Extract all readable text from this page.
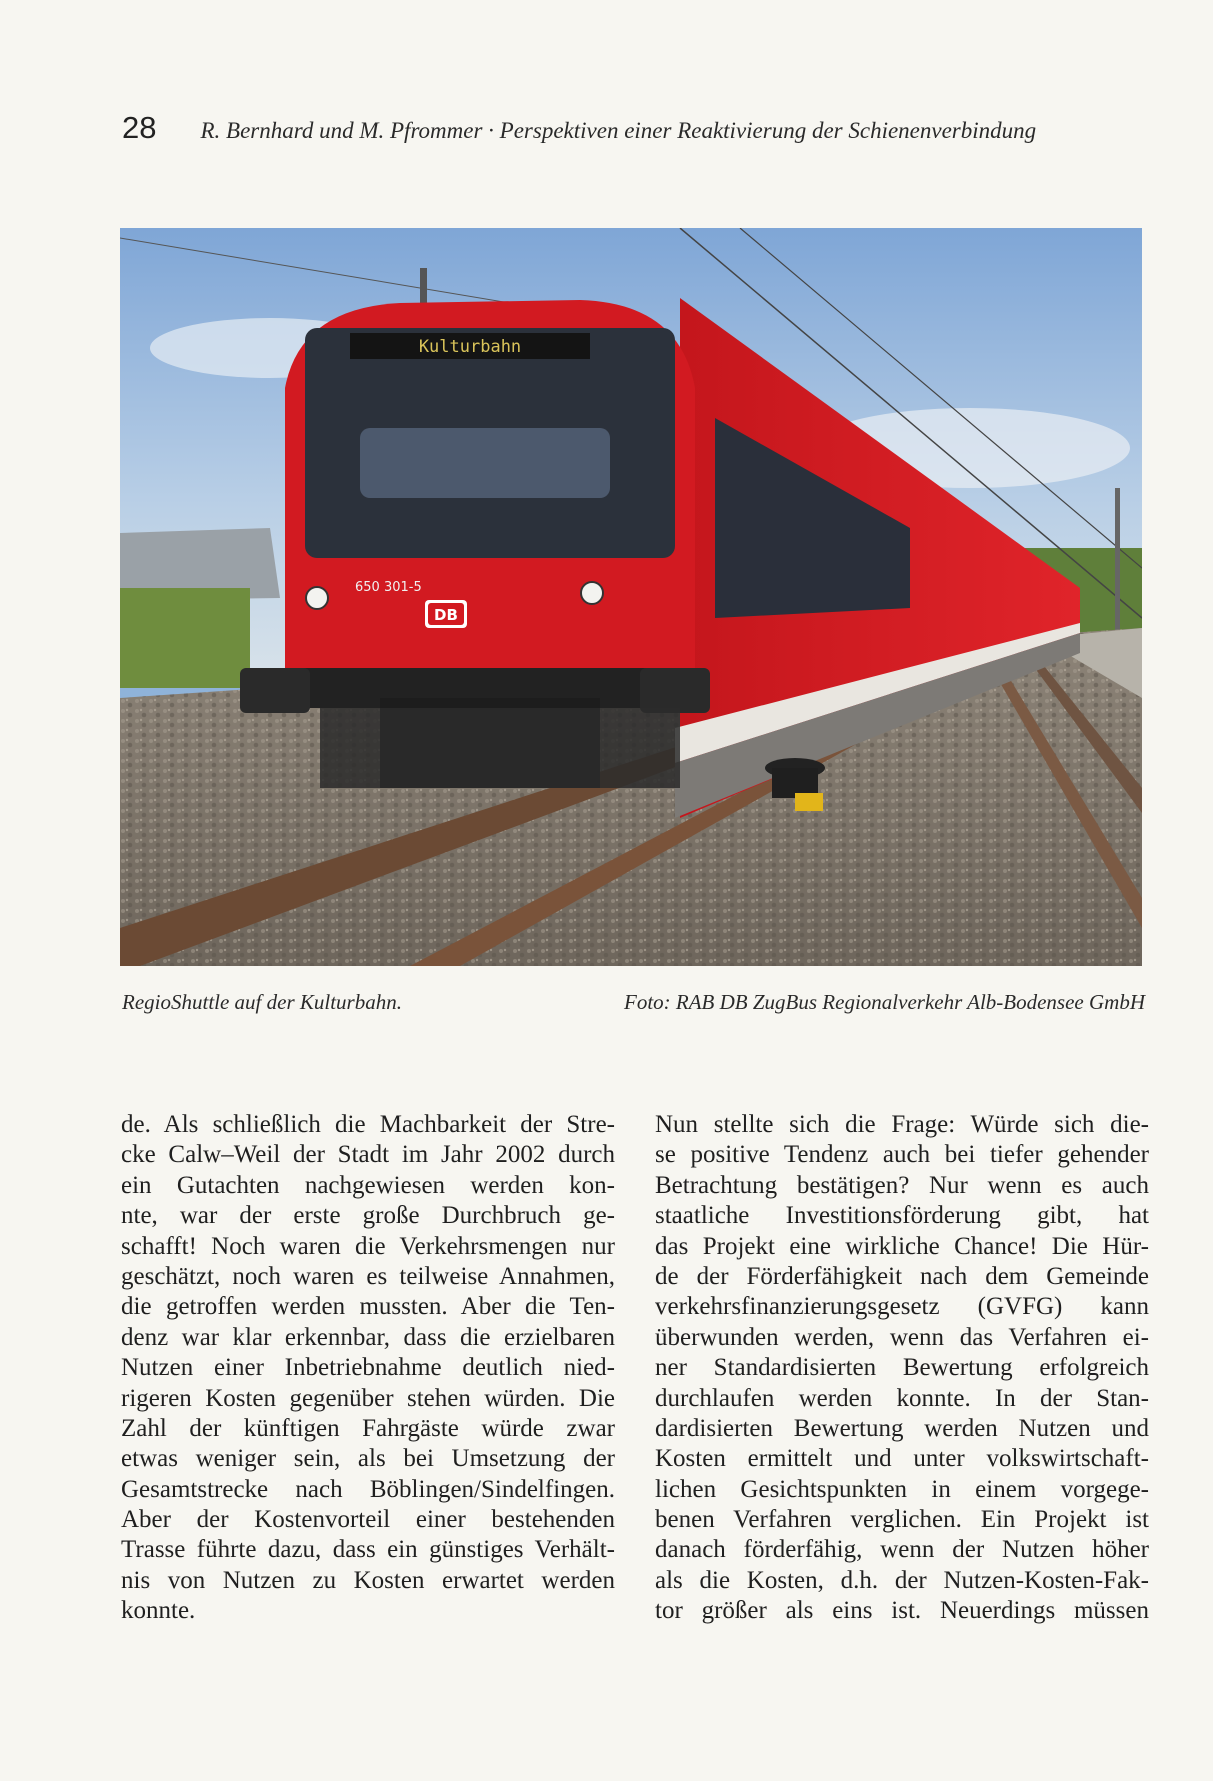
28 R. Bernhard und M. Pfrommer · Perspektiven einer Reaktivierung der Schienenverbindung
Kulturbahn
650 301-5
DB
RegioShuttle auf der Kulturbahn.	Foto: RAB DB ZugBus Regionalverkehr Alb-Bodensee GmbH
de. Als schließlich die Machbarkeit der Stre-
cke Calw–Weil der Stadt im Jahr 2002 durch
ein Gutachten nachgewiesen werden kon-
nte, war der erste große Durchbruch ge-
schafft! Noch waren die Verkehrsmengen nur
geschätzt, noch waren es teilweise Annahmen,
die getroffen werden mussten. Aber die Ten-
denz war klar erkennbar, dass die erzielbaren
Nutzen einer Inbetriebnahme deutlich nied-
rigeren Kosten gegenüber stehen würden. Die
Zahl der künftigen Fahrgäste würde zwar
etwas weniger sein, als bei Umsetzung der
Gesamtstrecke nach Böblingen/Sindelfingen.
Aber der Kostenvorteil einer bestehenden
Trasse führte dazu, dass ein günstiges Verhält-
nis von Nutzen zu Kosten erwartet werden
konnte.
Nun stellte sich die Frage: Würde sich die-
se positive Tendenz auch bei tiefer gehender
Betrachtung bestätigen? Nur wenn es auch
staatliche Investitionsförderung gibt, hat
das Projekt eine wirkliche Chance! Die Hür-
de der Förderfähigkeit nach dem Gemeinde
verkehrsfinanzierungsgesetz (GVFG) kann
überwunden werden, wenn das Verfahren ei-
ner Standardisierten Bewertung erfolgreich
durchlaufen werden konnte. In der Stan-
dardisierten Bewertung werden Nutzen und
Kosten ermittelt und unter volkswirtschaft-
lichen Gesichtspunkten in einem vorgege-
benen Verfahren verglichen. Ein Projekt ist
danach förderfähig, wenn der Nutzen höher
als die Kosten, d.h. der Nutzen-Kosten-Fak-
tor größer als eins ist. Neuerdings müssen
